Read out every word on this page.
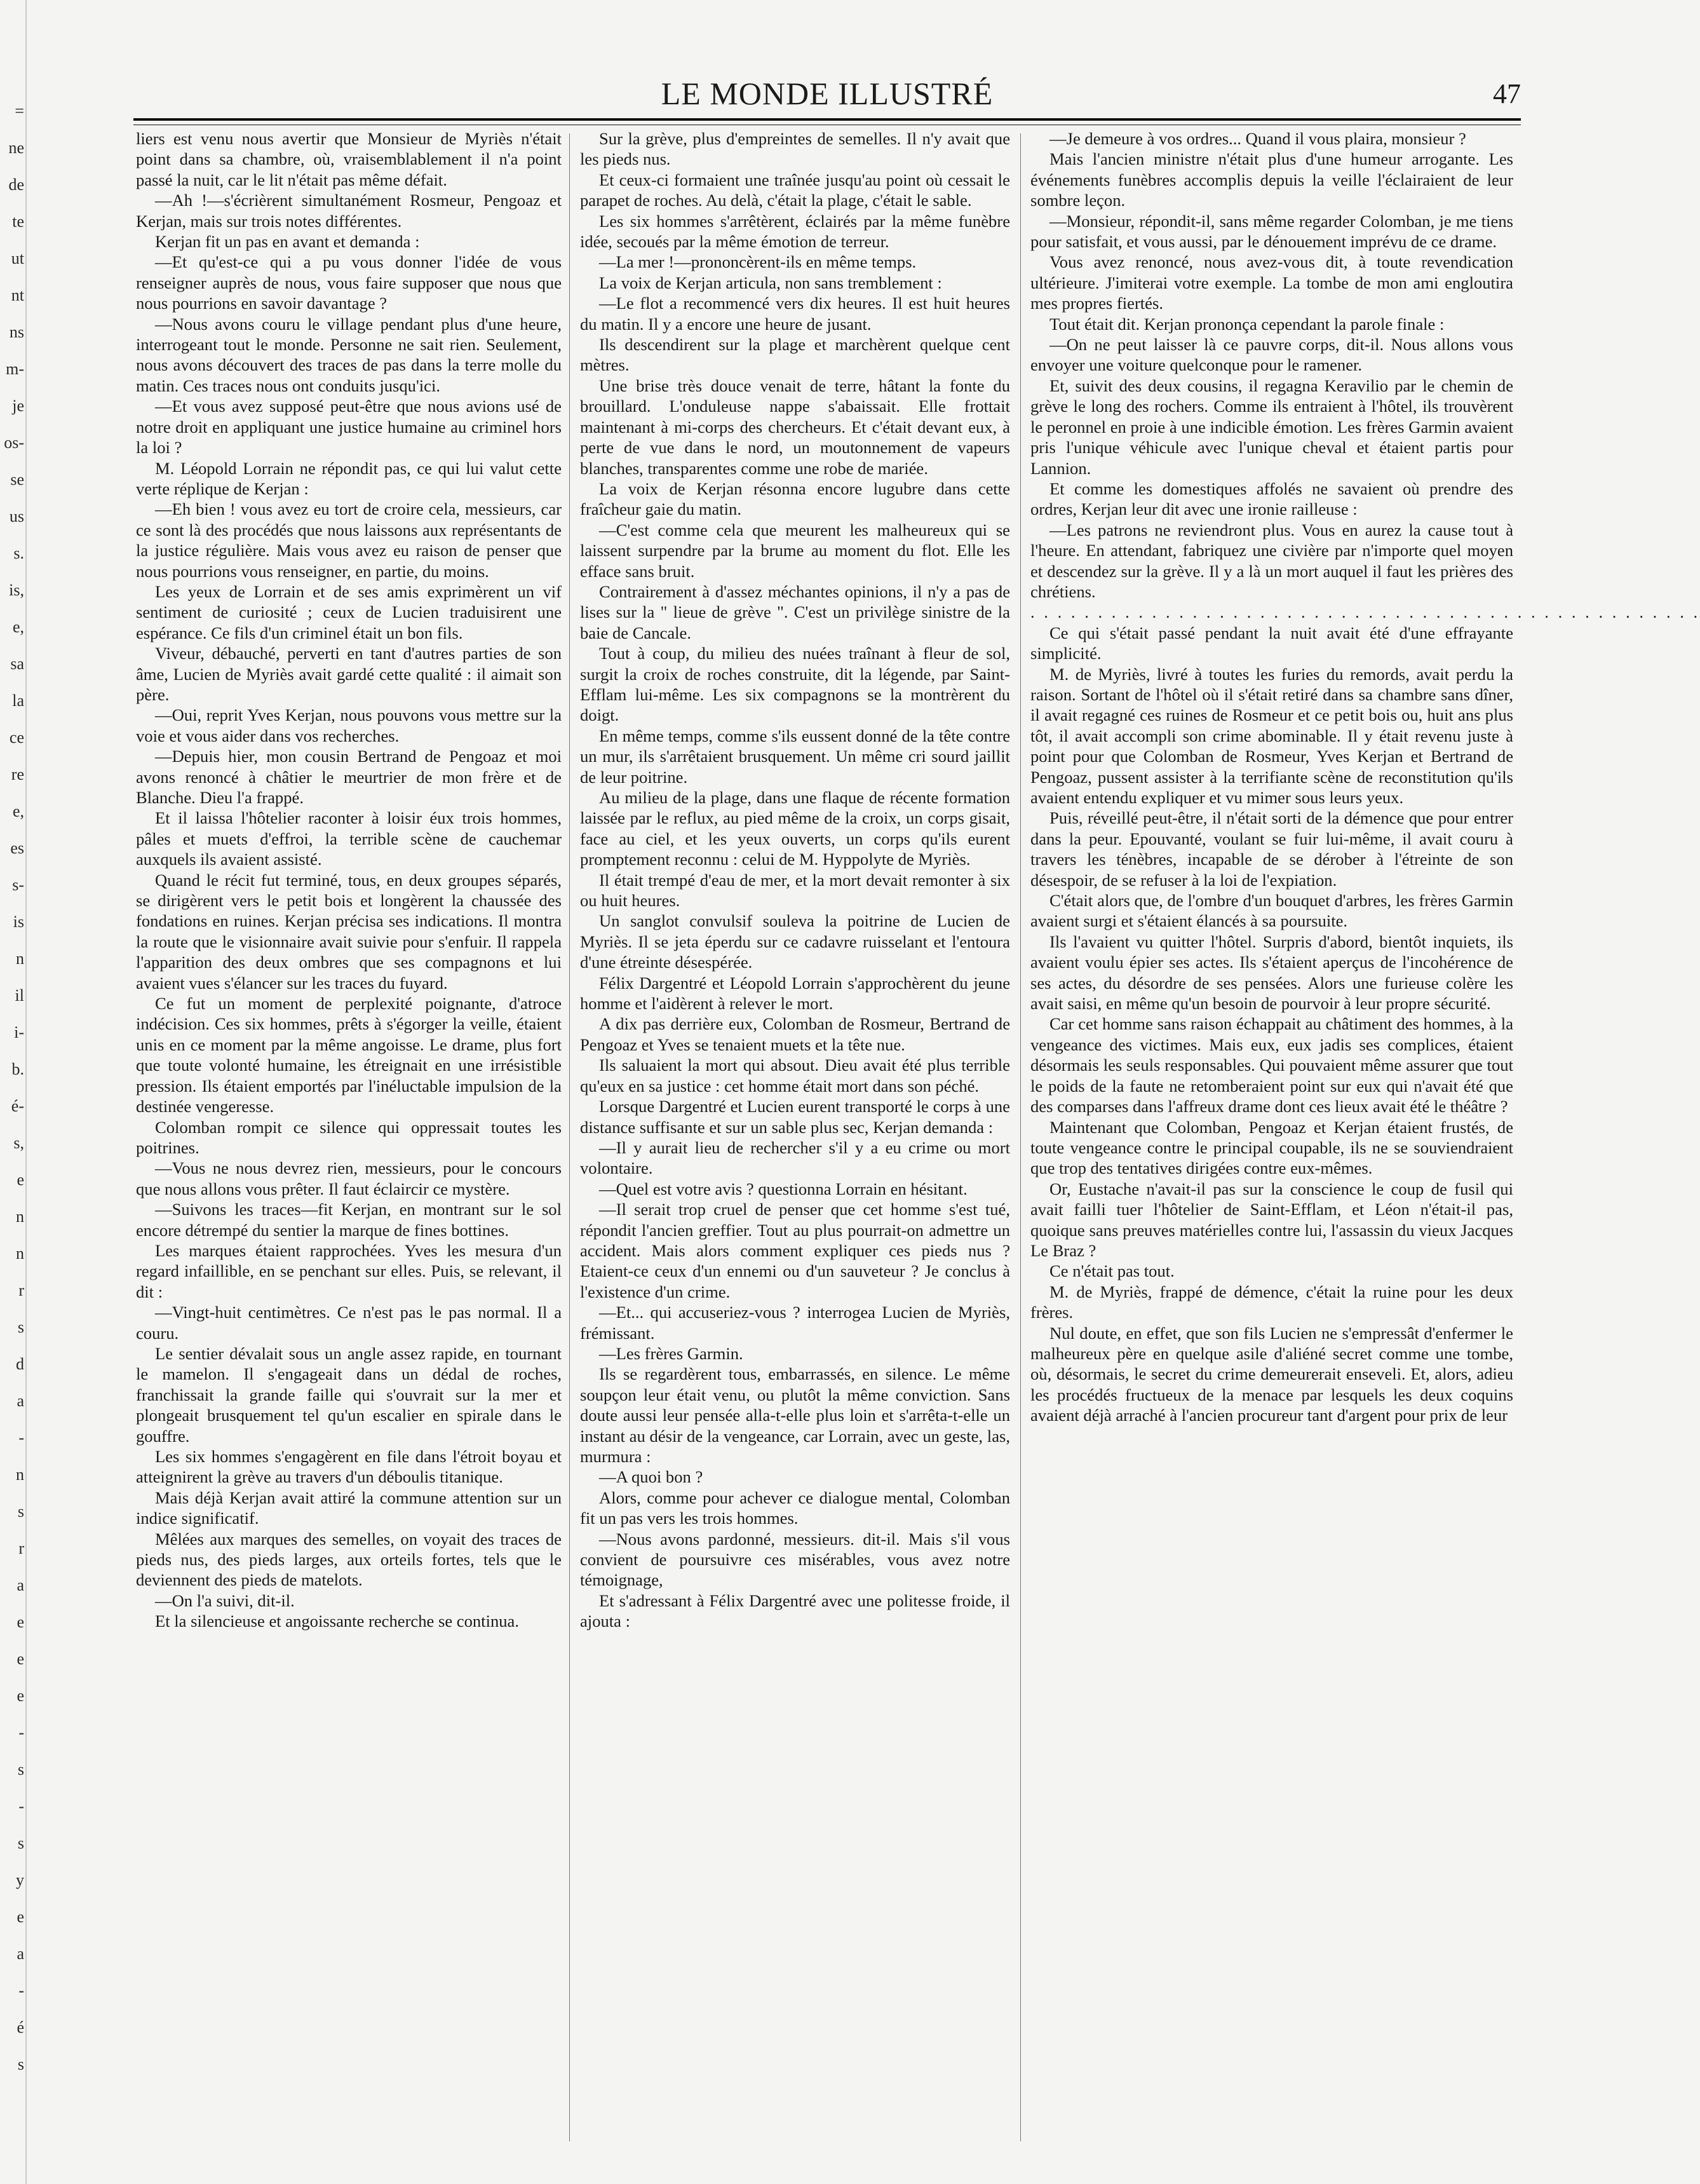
=
ne
de
te
ut
nt
ns
m-
je
os-
se
us
s.
is,
e,
sa
la
ce
re
e,
es
s-
is
n
il
i-
b.
é-
s,
e
n
n
r
s
d
a
-
n
s
r
a
e
e
e
-
s
-
s
y
e
a
-
é
s
LE MONDE ILLUSTRÉ	47

liers est venu nous avertir que Monsieur de Myriès n'était point dans sa chambre, où, vraisemblablement il n'a point passé la nuit, car le lit n'était pas même défait.

—Ah !—s'écrièrent simultanément Rosmeur, Pengoaz et Kerjan, mais sur trois notes différentes.

Kerjan fit un pas en avant et demanda :

—Et qu'est-ce qui a pu vous donner l'idée de vous renseigner auprès de nous, vous faire supposer que nous que nous pourrions en savoir davantage ?

—Nous avons couru le village pendant plus d'une heure, interrogeant tout le monde. Personne ne sait rien. Seulement, nous avons découvert des traces de pas dans la terre molle du matin. Ces traces nous ont conduits jusqu'ici.

—Et vous avez supposé peut-être que nous avions usé de notre droit en appliquant une justice humaine au criminel hors la loi ?

M. Léopold Lorrain ne répondit pas, ce qui lui valut cette verte réplique de Kerjan :

—Eh bien ! vous avez eu tort de croire cela, messieurs, car ce sont là des procédés que nous laissons aux représentants de la justice régulière. Mais vous avez eu raison de penser que nous pourrions vous renseigner, en partie, du moins.

Les yeux de Lorrain et de ses amis exprimèrent un vif sentiment de curiosité ; ceux de Lucien traduisirent une espérance. Ce fils d'un criminel était un bon fils.

Viveur, débauché, perverti en tant d'autres parties de son âme, Lucien de Myriès avait gardé cette qualité : il aimait son père.

—Oui, reprit Yves Kerjan, nous pouvons vous mettre sur la voie et vous aider dans vos recherches.

—Depuis hier, mon cousin Bertrand de Pengoaz et moi avons renoncé à châtier le meurtrier de mon frère et de Blanche. Dieu l'a frappé.

Et il laissa l'hôtelier raconter à loisir éux trois hommes, pâles et muets d'effroi, la terrible scène de cauchemar auxquels ils avaient assisté.

Quand le récit fut terminé, tous, en deux groupes séparés, se dirigèrent vers le petit bois et longèrent la chaussée des fondations en ruines. Kerjan précisa ses indications. Il montra la route que le visionnaire avait suivie pour s'enfuir. Il rappela l'apparition des deux ombres que ses compagnons et lui avaient vues s'élancer sur les traces du fuyard.

Ce fut un moment de perplexité poignante, d'atroce indécision. Ces six hommes, prêts à s'égorger la veille, étaient unis en ce moment par la même angoisse. Le drame, plus fort que toute volonté humaine, les étreignait en une irrésistible pression. Ils étaient emportés par l'inéluctable impulsion de la destinée vengeresse.

Colomban rompit ce silence qui oppressait toutes les poitrines.

—Vous ne nous devrez rien, messieurs, pour le concours que nous allons vous prêter. Il faut éclaircir ce mystère.

—Suivons les traces—fit Kerjan, en montrant sur le sol encore détrempé du sentier la marque de fines bottines.

Les marques étaient rapprochées. Yves les mesura d'un regard infaillible, en se penchant sur elles. Puis, se relevant, il dit :

—Vingt-huit centimètres. Ce n'est pas le pas normal. Il a couru.

Le sentier dévalait sous un angle assez rapide, en tournant le mamelon. Il s'engageait dans un dédal de roches, franchissait la grande faille qui s'ouvrait sur la mer et plongeait brusquement tel qu'un escalier en spirale dans le gouffre.

Les six hommes s'engagèrent en file dans l'étroit boyau et atteignirent la grève au travers d'un déboulis titanique.

Mais déjà Kerjan avait attiré la commune attention sur un indice significatif.

Mêlées aux marques des semelles, on voyait des traces de pieds nus, des pieds larges, aux orteils fortes, tels que le deviennent des pieds de matelots.

—On l'a suivi, dit-il.

Et la silencieuse et angoissante recherche se continua.

Sur la grève, plus d'empreintes de semelles. Il n'y avait que les pieds nus.

Et ceux-ci formaient une traînée jusqu'au point où cessait le parapet de roches. Au delà, c'était la plage, c'était le sable.

Les six hommes s'arrêtèrent, éclairés par la même funèbre idée, secoués par la même émotion de terreur.

—La mer !—prononcèrent-ils en même temps.

La voix de Kerjan articula, non sans tremblement :

—Le flot a recommencé vers dix heures. Il est huit heures du matin. Il y a encore une heure de jusant.

Ils descendirent sur la plage et marchèrent quelque cent mètres.

Une brise très douce venait de terre, hâtant la fonte du brouillard. L'onduleuse nappe s'abaissait. Elle frottait maintenant à mi-corps des chercheurs. Et c'était devant eux, à perte de vue dans le nord, un moutonnement de vapeurs blanches, transparentes comme une robe de mariée.

La voix de Kerjan résonna encore lugubre dans cette fraîcheur gaie du matin.

—C'est comme cela que meurent les malheureux qui se laissent surpendre par la brume au moment du flot. Elle les efface sans bruit.

Contrairement à d'assez méchantes opinions, il n'y a pas de lises sur la " lieue de grève ". C'est un privilège sinistre de la baie de Cancale.

Tout à coup, du milieu des nuées traînant à fleur de sol, surgit la croix de roches construite, dit la légende, par Saint-Efflam lui-même. Les six compagnons se la montrèrent du doigt.

En même temps, comme s'ils eussent donné de la tête contre un mur, ils s'arrêtaient brusquement. Un même cri sourd jaillit de leur poitrine.

Au milieu de la plage, dans une flaque de récente formation laissée par le reflux, au pied même de la croix, un corps gisait, face au ciel, et les yeux ouverts, un corps qu'ils eurent promptement reconnu : celui de M. Hyppolyte de Myriès.

Il était trempé d'eau de mer, et la mort devait remonter à six ou huit heures.

Un sanglot convulsif souleva la poitrine de Lucien de Myriès. Il se jeta éperdu sur ce cadavre ruisselant et l'entoura d'une étreinte désespérée.

Félix Dargentré et Léopold Lorrain s'approchèrent du jeune homme et l'aidèrent à relever le mort.

A dix pas derrière eux, Colomban de Rosmeur, Bertrand de Pengoaz et Yves se tenaient muets et la tête nue.

Ils saluaient la mort qui absout. Dieu avait été plus terrible qu'eux en sa justice : cet homme était mort dans son péché.

Lorsque Dargentré et Lucien eurent transporté le corps à une distance suffisante et sur un sable plus sec, Kerjan demanda :

—Il y aurait lieu de rechercher s'il y a eu crime ou mort volontaire.

—Quel est votre avis ? questionna Lorrain en hésitant.

—Il serait trop cruel de penser que cet homme s'est tué, répondit l'ancien greffier. Tout au plus pourrait-on admettre un accident. Mais alors comment expliquer ces pieds nus ? Etaient-ce ceux d'un ennemi ou d'un sauveteur ? Je conclus à l'existence d'un crime.

—Et... qui accuseriez-vous ? interrogea Lucien de Myriès, frémissant.

—Les frères Garmin.

Ils se regardèrent tous, embarrassés, en silence. Le même soupçon leur était venu, ou plutôt la même conviction. Sans doute aussi leur pensée alla-t-elle plus loin et s'arrêta-t-elle un instant au désir de la vengeance, car Lorrain, avec un geste, las, murmura :

—A quoi bon ?

Alors, comme pour achever ce dialogue mental, Colomban fit un pas vers les trois hommes.

—Nous avons pardonné, messieurs. dit-il. Mais s'il vous convient de poursuivre ces misérables, vous avez notre témoignage,

Et s'adressant à Félix Dargentré avec une politesse froide, il ajouta :

—Je demeure à vos ordres... Quand il vous plaira, monsieur ?

Mais l'ancien ministre n'était plus d'une humeur arrogante. Les événements funèbres accomplis depuis la veille l'éclairaient de leur sombre leçon.

—Monsieur, répondit-il, sans même regarder Colomban, je me tiens pour satisfait, et vous aussi, par le dénouement imprévu de ce drame.

Vous avez renoncé, nous avez-vous dit, à toute revendication ultérieure. J'imiterai votre exemple. La tombe de mon ami engloutira mes propres fiertés.

Tout était dit. Kerjan prononça cependant la parole finale :

—On ne peut laisser là ce pauvre corps, dit-il. Nous allons vous envoyer une voiture quelconque pour le ramener.

Et, suivit des deux cousins, il regagna Keravilio par le chemin de grève le long des rochers. Comme ils entraient à l'hôtel, ils trouvèrent le peronnel en proie à une indicible émotion. Les frères Garmin avaient pris l'unique véhicule avec l'unique cheval et étaient partis pour Lannion.

Et comme les domestiques affolés ne savaient où prendre des ordres, Kerjan leur dit avec une ironie railleuse :

—Les patrons ne reviendront plus. Vous en aurez la cause tout à l'heure. En attendant, fabriquez une civière par n'importe quel moyen et descendez sur la grève. Il y a là un mort auquel il faut les prières des chrétiens.

. . . . . . . . . . . . . . . . . . . . . . . . . . . . . . . . . . . . . . . . . . . . . . . . . .

Ce qui s'était passé pendant la nuit avait été d'une effrayante simplicité.

M. de Myriès, livré à toutes les furies du remords, avait perdu la raison. Sortant de l'hôtel où il s'était retiré dans sa chambre sans dîner, il avait regagné ces ruines de Rosmeur et ce petit bois ou, huit ans plus tôt, il avait accompli son crime abominable. Il y était revenu juste à point pour que Colomban de Rosmeur, Yves Kerjan et Bertrand de Pengoaz, pussent assister à la terrifiante scène de reconstitution qu'ils avaient entendu expliquer et vu mimer sous leurs yeux.

Puis, réveillé peut-être, il n'était sorti de la démence que pour entrer dans la peur. Epouvanté, voulant se fuir lui-même, il avait couru à travers les ténèbres, incapable de se dérober à l'étreinte de son désespoir, de se refuser à la loi de l'expiation.

C'était alors que, de l'ombre d'un bouquet d'arbres, les frères Garmin avaient surgi et s'étaient élancés à sa poursuite.

Ils l'avaient vu quitter l'hôtel. Surpris d'abord, bientôt inquiets, ils avaient voulu épier ses actes. Ils s'étaient aperçus de l'incohérence de ses actes, du désordre de ses pensées. Alors une furieuse colère les avait saisi, en même qu'un besoin de pourvoir à leur propre sécurité.

Car cet homme sans raison échappait au châtiment des hommes, à la vengeance des victimes. Mais eux, eux jadis ses complices, étaient désormais les seuls responsables. Qui pouvaient même assurer que tout le poids de la faute ne retomberaient point sur eux qui n'avait été que des comparses dans l'affreux drame dont ces lieux avait été le théâtre ?

Maintenant que Colomban, Pengoaz et Kerjan étaient frustés, de toute vengeance contre le principal coupable, ils ne se souviendraient que trop des tentatives dirigées contre eux-mêmes.

Or, Eustache n'avait-il pas sur la conscience le coup de fusil qui avait failli tuer l'hôtelier de Saint-Efflam, et Léon n'était-il pas, quoique sans preuves matérielles contre lui, l'assassin du vieux Jacques Le Braz ?

Ce n'était pas tout.

M. de Myriès, frappé de démence, c'était la ruine pour les deux frères.

Nul doute, en effet, que son fils Lucien ne s'empressât d'enfermer le malheureux père en quelque asile d'aliéné secret comme une tombe, où, désormais, le secret du crime demeurerait enseveli. Et, alors, adieu les procédés fructueux de la menace par lesquels les deux coquins avaient déjà arraché à l'ancien procureur tant d'argent pour prix de leur
